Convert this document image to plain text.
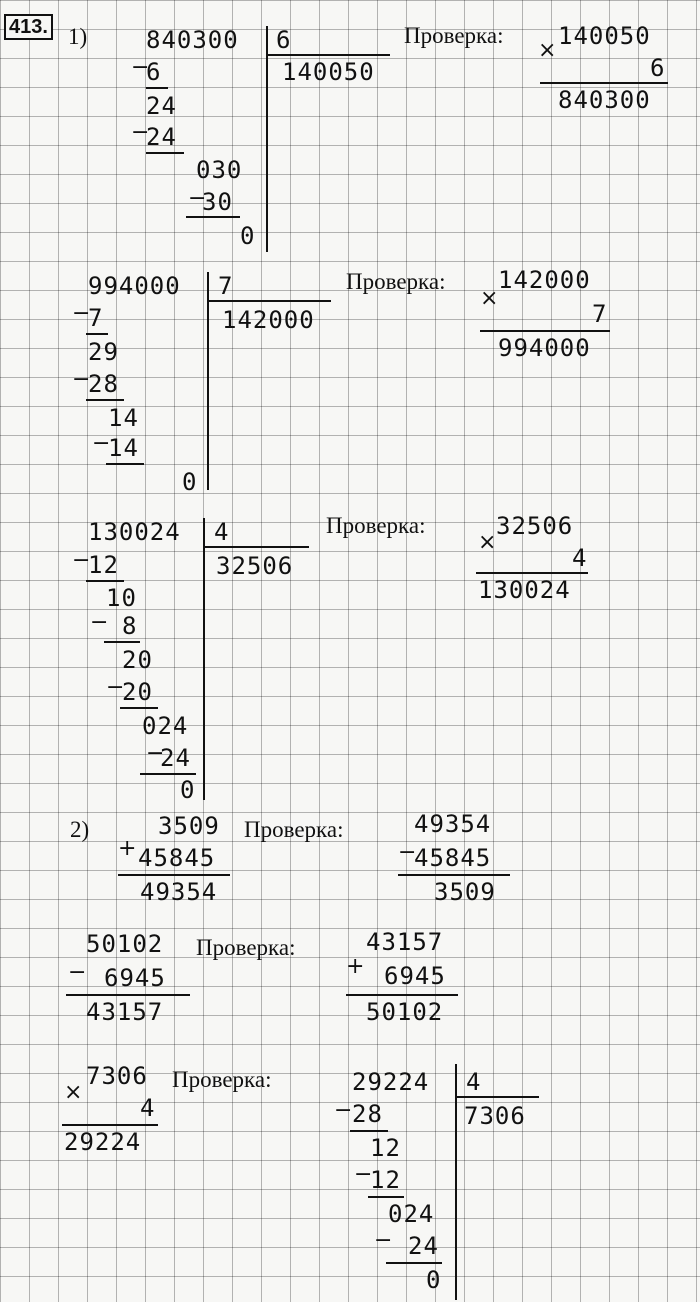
413. 1) 840300 6
140050
−
6
24
−
24
030
−
30
0
Проверка:
×
140050
6
840300
994000 7
142000
−
7
29
−
28
14
−
14
0
Проверка:
×
142000
7
994000
130024 4
32506
−
12
10
− 8
20
−
20
024
−
24
0
Проверка:
×
32506
4
130024
2)	3509
+ 45845
49354
Проверка:	49354
−
45845
3509
50102
− 6945
43157
Проверка:	43157
+ 6945
50102
×
7306
4
29224
Проверка:	29224 4
7306
− 28
12
−
12
024
− 24
0
